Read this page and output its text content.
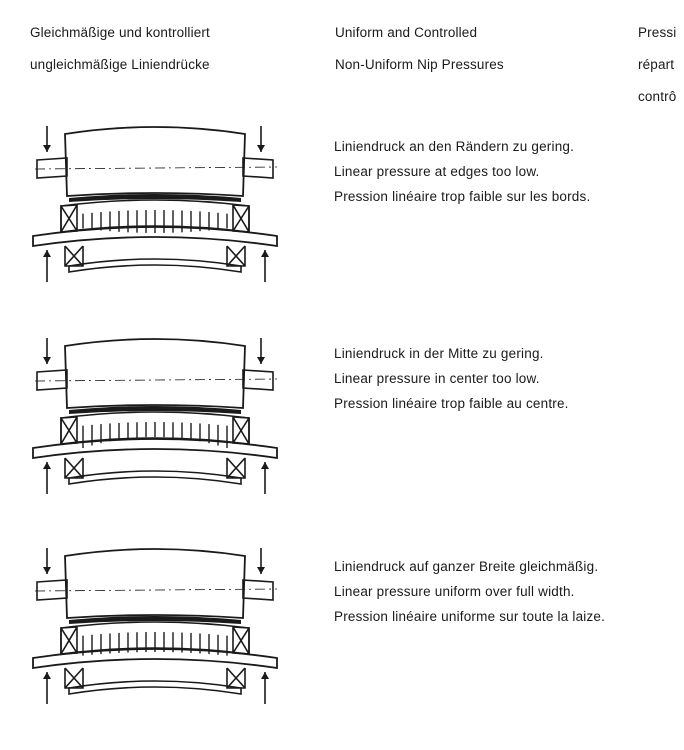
Gleichmäßige und kontrolliert

ungleichmäßige Liniendrücke

Uniform and Controlled

Non-Uniform Nip Pressures

Pressi

répart

contrô

Liniendruck an den Rändern zu gering.

Linear pressure at edges too low.

Pression linéaire trop faible sur les bords.

Liniendruck in der Mitte zu gering.

Linear pressure in center too low.

Pression linéaire trop faible au centre.

Liniendruck auf ganzer Breite gleichmäßig.

Linear pressure uniform over full width.

Pression linéaire uniforme sur toute la laize.
